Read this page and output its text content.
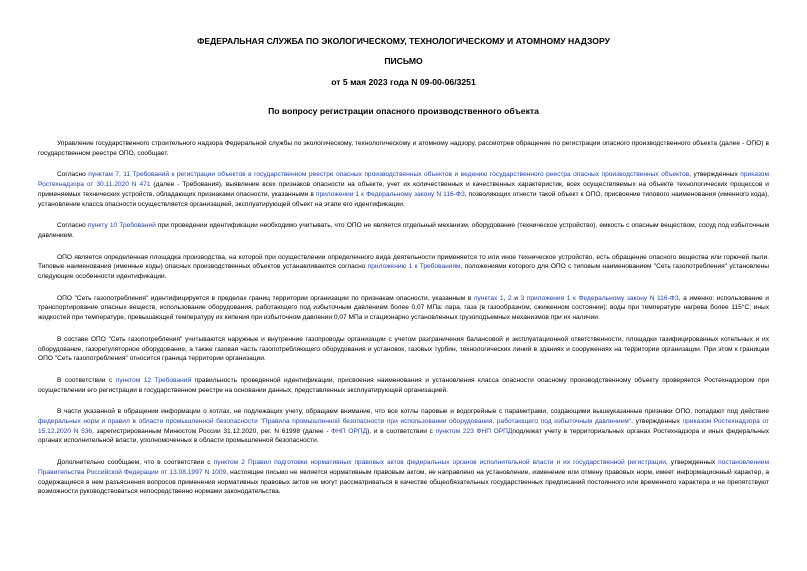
ФЕДЕРАЛЬНАЯ СЛУЖБА ПО ЭКОЛОГИЧЕСКОМУ, ТЕХНОЛОГИЧЕСКОМУ И АТОМНОМУ НАДЗОРУ
ПИСЬМО
от 5 мая 2023 года N 09-00-06/3251
По вопросу регистрации опасного производственного объекта

Управление государственного строительного надзора Федеральной службы по экологическому, технологическому и атомному надзору, рассмотрев обращение по регистрации опасного производственного объекта (далее - ОПО) в государственном реестре ОПО, сообщает.

Согласно пунктам 7, 11 Требований к регистрации объектов в государственном реестре опасных производственных объектов и ведению государственного реестра опасных производственных объектов, утвержденных приказом Ростехнадзора от 30.11.2020 N 471 (далее - Требования), выявление всех признаков опасности на объекте, учет их количественных и качественных характеристик, всех осуществляемых на объекте технологических процессов и применяемых технических устройств, обладающих признаками опасности, указанными в приложении 1 к Федеральному закону N 116-ФЗ, позволяющих отнести такой объект к ОПО, присвоение типового наименования (именного кода), установление класса опасности осуществляется организацией, эксплуатирующей объект на этапе его идентификации.

Согласно пункту 10 Требований при проведении идентификации необходимо учитывать, что ОПО не является отдельный механизм, оборудование (техническое устройство), емкость с опасным веществом, сосуд под избыточным давлением.

ОПО является определенная площадка производства, на которой при осуществлении определенного вида деятельности применяется то или иное техническое устройство, есть обращение опасного вещества или горючей пыли. Типовые наименования (именные коды) опасных производственных объектов устанавливаются согласно приложению 1 к Требованиям, положениями которого для ОПО с типовым наименованием "Сеть газопотребления" установлены следующие особенности идентификации.

ОПО "Сеть газопотребления" идентифицируется в пределах границ территории организации по признакам опасности, указанным в пунктах 1, 2 и 3 приложения 1 к Федеральному закону N 116-ФЗ, а именно: использование и транспортирование опасных веществ, использование оборудования, работающего под избыточным давлением более 0,07 МПа: пара, газа (в газообразном, сжиженном состоянии); воды при температуре нагрева более 115°С; иных жидкостей при температуре, превышающей температуру их кипения при избыточном давлении 0,07 МПа и стационарно установленных грузоподъемных механизмов при их наличии.

В составе ОПО "Сеть газопотребления" учитываются наружные и внутренние газопроводы организации с учетом разграничения балансовой и эксплуатационной ответственности, площадки газифицированных котельных и их оборудование, газорегуляторное оборудование, а также газовая часть газопотребляющего оборудования и установок, газовых турбин, технологических линий в зданиях и сооружениях на территории организации. При этом к границам ОПО "Сеть газопотребления" относится граница территории организации.

В соответствии с пунктом 12 Требований правильность проведенной идентификации, присвоения наименования и установления класса опасности опасному производственному объекту проверяется Ростехнадзором при осуществлении его регистрации в государственном реестре на основании данных, представленных эксплуатирующей организацией.

В части указанной в обращении информации о котлах, не подлежащих учету, обращаем внимание, что все котлы паровые и водогрейные с параметрами, создающими вышеуказанные признаки ОПО, попадают под действие федеральных норм и правил в области промышленной безопасности "Правила промышленной безопасности при использовании оборудования, работающего под избыточным давлением", утвержденных приказом Ростехнадзора от 15.12.2020 N 536, зарегистрированным Минюстом России 31.12.2020, рег. N 61998 (далее - ФНП ОРПД), и в соответствии с пунктом 223 ФНП ОРПДподлежат учету в территориальных органах Ростехнадзора и иных федеральных органах исполнительной власти, уполномоченных в области промышленной безопасности.

Дополнительно сообщаем, что в соответствии с пунктом 2 Правил подготовки нормативных правовых актов федеральных органов исполнительной власти и их государственной регистрации, утвержденных постановлением Правительства Российской Федерации от 13.08.1997 N 1009, настоящее письмо не является нормативным правовым актом, не направлено на установление, изменение или отмену правовых норм, имеет информационный характер, а содержащиеся в нем разъяснения вопросов применения нормативных правовых актов не могут рассматриваться в качестве общеобязательных государственных предписаний постоянного или временного характера и не препятствуют возможности руководствоваться непосредственно нормами законодательства.
